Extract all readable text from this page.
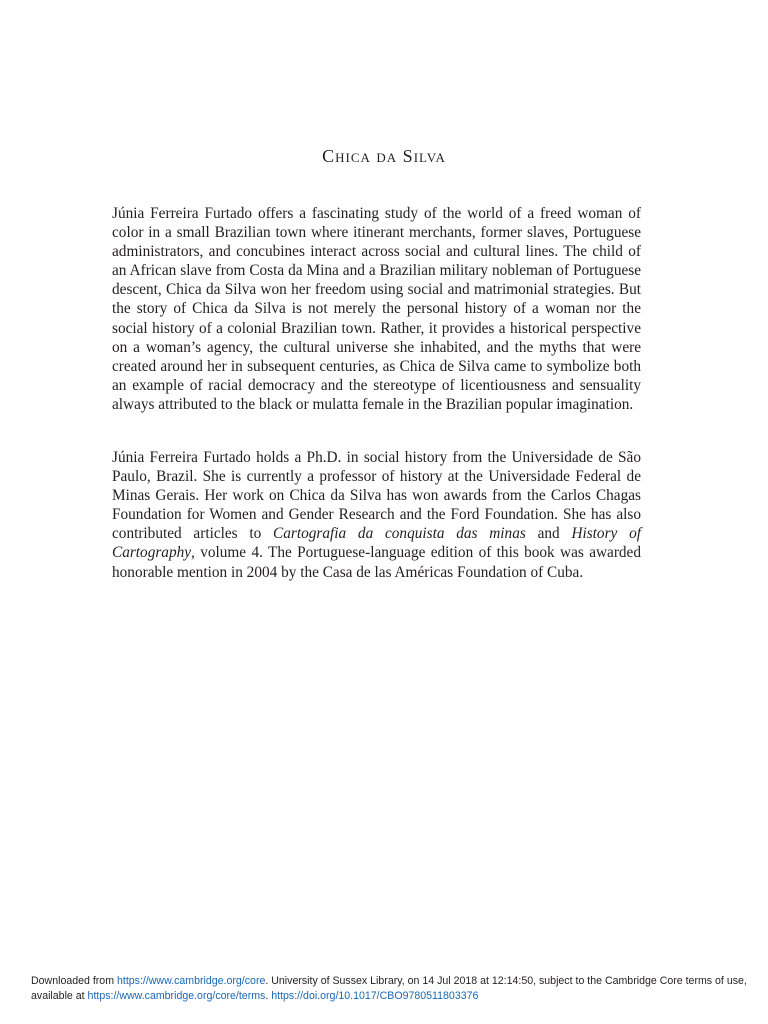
Chica da Silva

Júnia Ferreira Furtado offers a fascinating study of the world of a freed woman of color in a small Brazilian town where itinerant merchants, former slaves, Portuguese administrators, and concubines interact across social and cultural lines. The child of an African slave from Costa da Mina and a Brazilian military nobleman of Portuguese descent, Chica da Silva won her freedom using social and matrimonial strategies. But the story of Chica da Silva is not merely the personal history of a woman nor the social history of a colonial Brazilian town. Rather, it provides a historical perspective on a woman’s agency, the cultural universe she inhabited, and the myths that were created around her in subsequent centuries, as Chica de Silva came to symbolize both an example of racial democracy and the stereotype of licentiousness and sensuality always attributed to the black or mulatta female in the Brazilian popular imagination.

Júnia Ferreira Furtado holds a Ph.D. in social history from the Universidade de São Paulo, Brazil. She is currently a professor of history at the Universidade Federal de Minas Gerais. Her work on Chica da Silva has won awards from the Carlos Chagas Foundation for Women and Gender Research and the Ford Foundation. She has also contributed articles to Cartografia da conquista das minas and History of Cartography, volume 4. The Portuguese-language edition of this book was awarded honorable mention in 2004 by the Casa de las Américas Foundation of Cuba.

Downloaded from https://www.cambridge.org/core. University of Sussex Library, on 14 Jul 2018 at 12:14:50, subject to the Cambridge Core terms of use, available at https://www.cambridge.org/core/terms. https://doi.org/10.1017/CBO9780511803376
